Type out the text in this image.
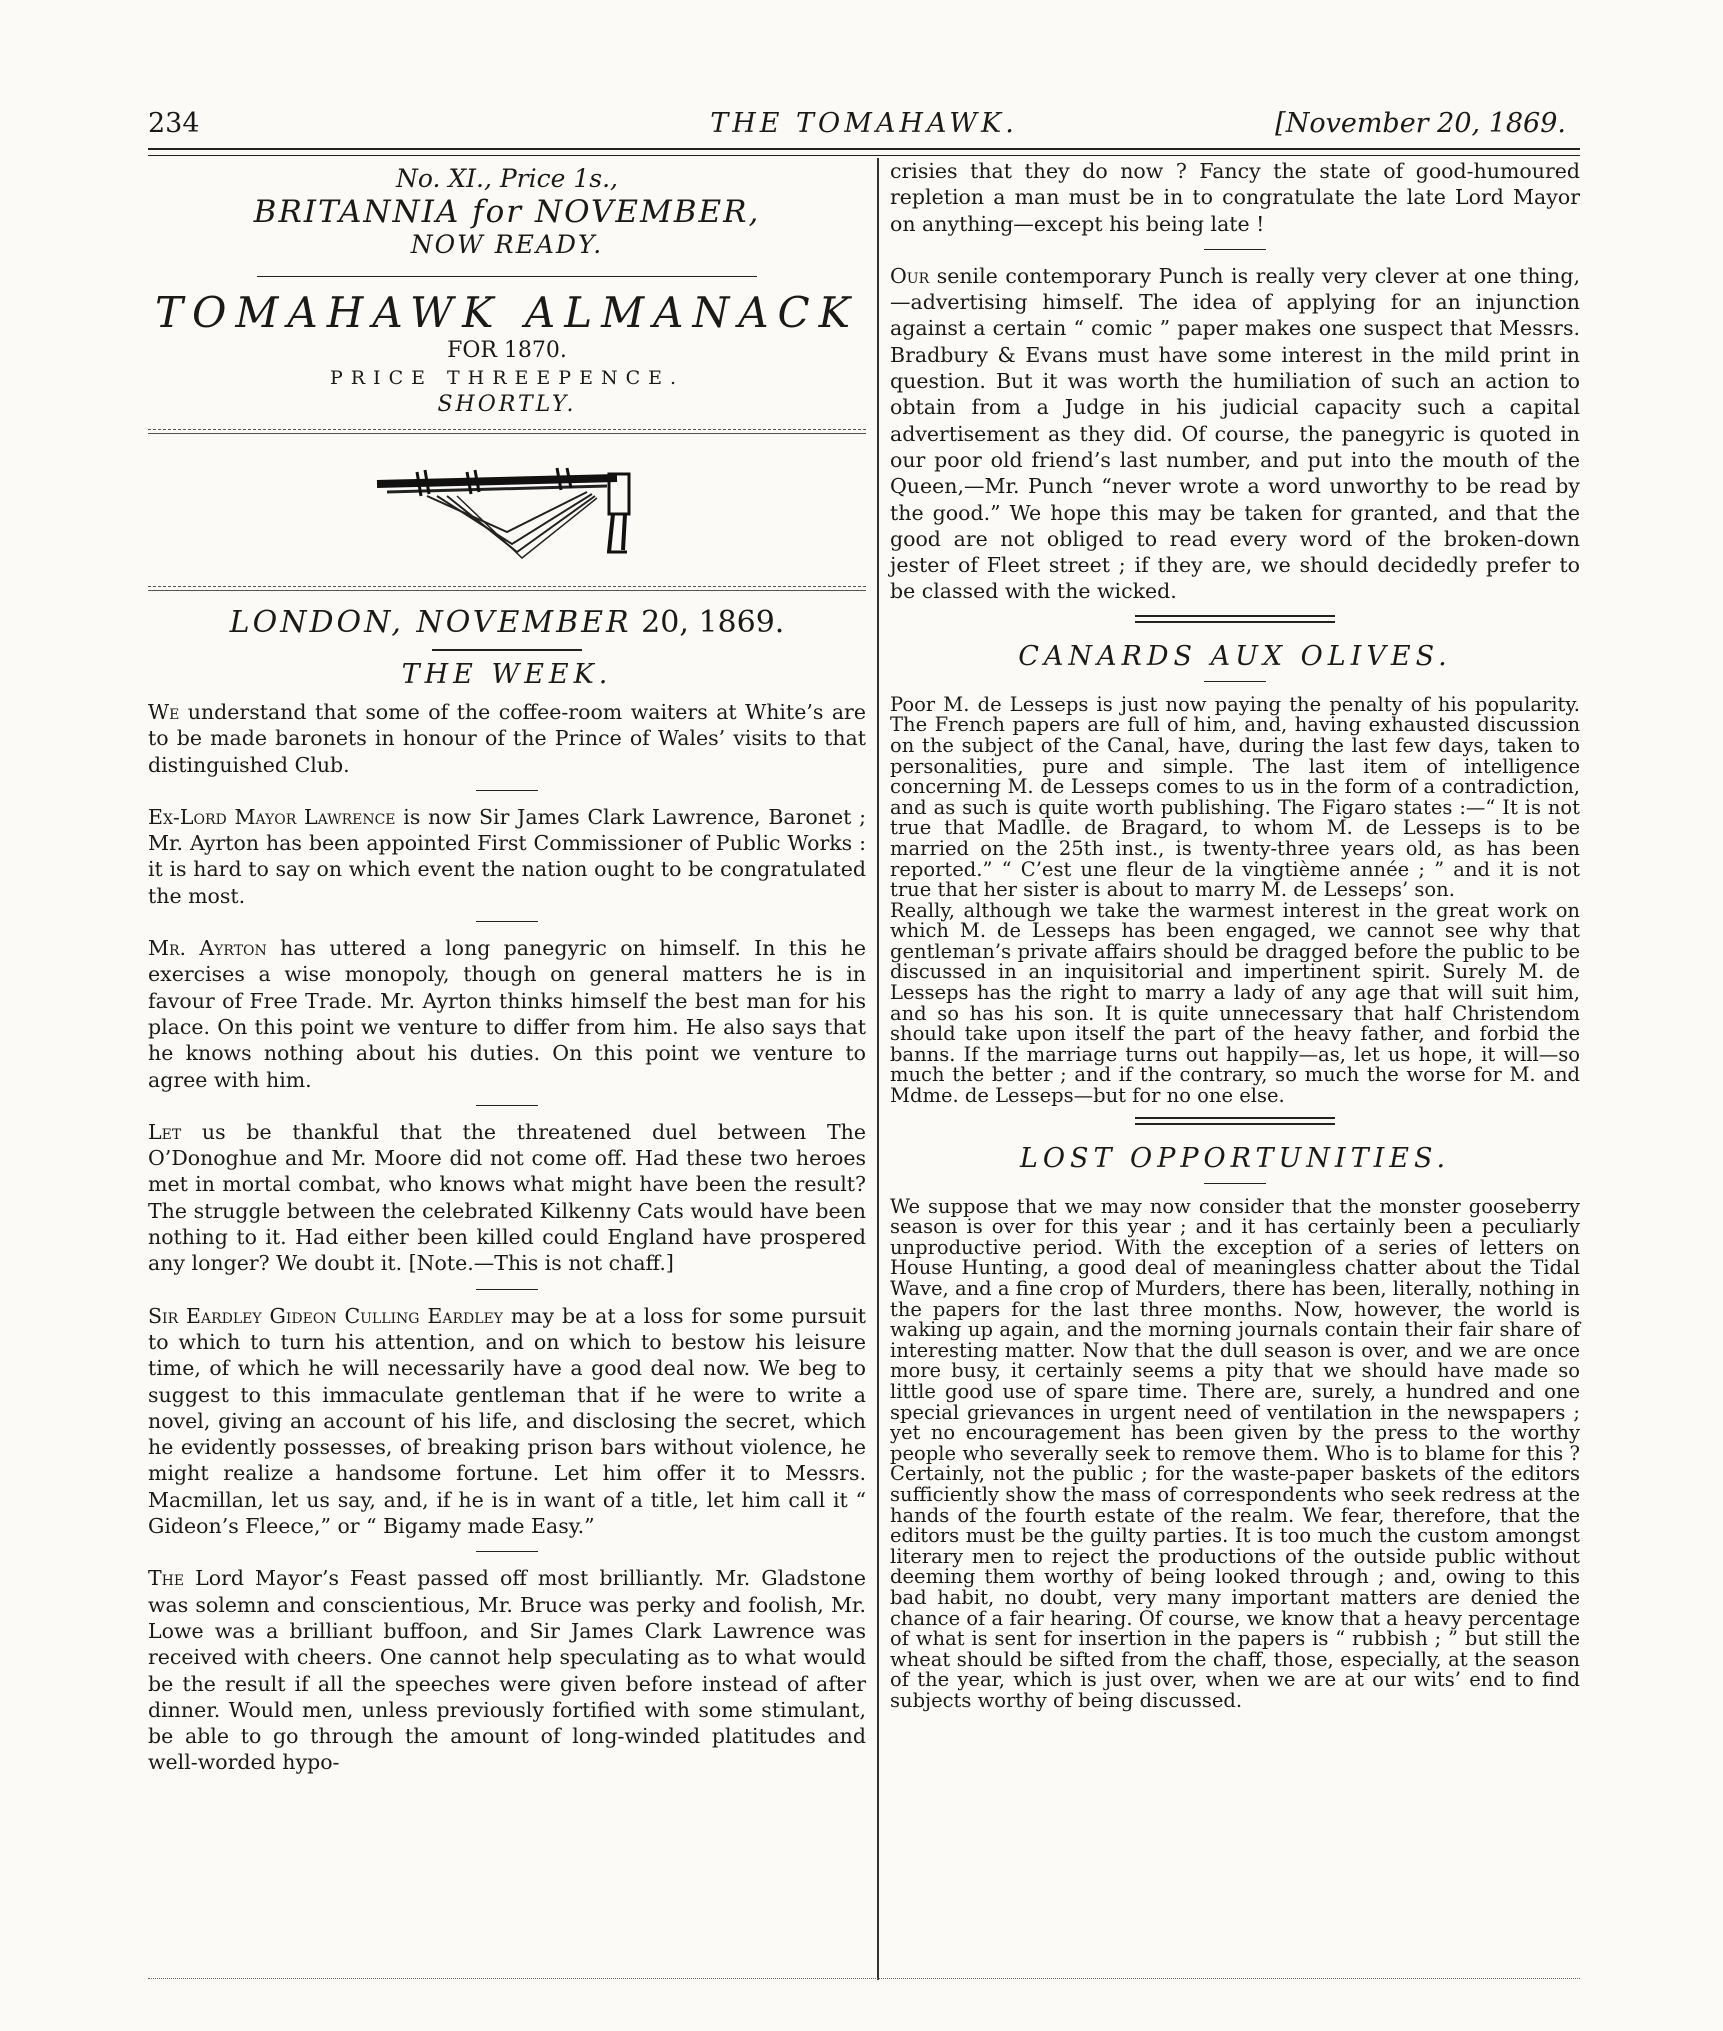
234	THE TOMAHAWK.	[November 20, 1869.
No. XI., Price 1s.,
BRITANNIA for NOVEMBER,
NOW READY.
TOMAHAWK ALMANACK
FOR 1870.
PRICE THREEPENCE.
SHORTLY.
LONDON, NOVEMBER 20, 1869.
THE WEEK.

We understand that some of the coffee-room waiters at White’s are to be made baronets in honour of the Prince of Wales’ visits to that distinguished Club.

Ex-Lord Mayor Lawrence is now Sir James Clark Lawrence, Baronet ; Mr. Ayrton has been appointed First Commissioner of Public Works : it is hard to say on which event the nation ought to be congratulated the most.

Mr. Ayrton has uttered a long panegyric on himself. In this he exercises a wise monopoly, though on general matters he is in favour of Free Trade. Mr. Ayrton thinks himself the best man for his place. On this point we venture to differ from him. He also says that he knows nothing about his duties. On this point we venture to agree with him.

Let us be thankful that the threatened duel between The O’Donoghue and Mr. Moore did not come off. Had these two heroes met in mortal combat, who knows what might have been the result? The struggle between the celebrated Kilkenny Cats would have been nothing to it. Had either been killed could England have prospered any longer? We doubt it. [Note.—This is not chaff.]

Sir Eardley Gideon Culling Eardley may be at a loss for some pursuit to which to turn his attention, and on which to bestow his leisure time, of which he will necessarily have a good deal now. We beg to suggest to this immaculate gentleman that if he were to write a novel, giving an account of his life, and disclosing the secret, which he evidently possesses, of breaking prison bars without violence, he might realize a handsome fortune. Let him offer it to Messrs. Macmillan, let us say, and, if he is in want of a title, let him call it “ Gideon’s Fleece,” or “ Bigamy made Easy.”

The Lord Mayor’s Feast passed off most brilliantly. Mr. Gladstone was solemn and conscientious, Mr. Bruce was perky and foolish, Mr. Lowe was a brilliant buffoon, and Sir James Clark Lawrence was received with cheers. One cannot help speculating as to what would be the result if all the speeches were given before instead of after dinner. Would men, unless previously fortified with some stimulant, be able to go through the amount of long-winded platitudes and well-worded hypo-

crisies that they do now ? Fancy the state of good-humoured repletion a man must be in to congratulate the late Lord Mayor on anything—except his being late !

Our senile contemporary Punch is really very clever at one thing,—advertising himself. The idea of applying for an injunction against a certain “ comic ” paper makes one suspect that Messrs. Bradbury & Evans must have some interest in the mild print in question. But it was worth the humiliation of such an action to obtain from a Judge in his judicial capacity such a capital advertisement as they did. Of course, the panegyric is quoted in our poor old friend’s last number, and put into the mouth of the Queen,—Mr. Punch “never wrote a word unworthy to be read by the good.” We hope this may be taken for granted, and that the good are not obliged to read every word of the broken-down jester of Fleet street ; if they are, we should decidedly prefer to be classed with the wicked.

CANARDS AUX OLIVES.

Poor M. de Lesseps is just now paying the penalty of his popularity. The French papers are full of him, and, having exhausted discussion on the subject of the Canal, have, during the last few days, taken to personalities, pure and simple. The last item of intelligence concerning M. de Lesseps comes to us in the form of a contradiction, and as such is quite worth publishing. The Figaro states :—“ It is not true that Madlle. de Bragard, to whom M. de Lesseps is to be married on the 25th inst., is twenty-three years old, as has been reported.” “ C’est une fleur de la vingtième année ; ” and it is not true that her sister is about to marry M. de Lesseps’ son.

Really, although we take the warmest interest in the great work on which M. de Lesseps has been engaged, we cannot see why that gentleman’s private affairs should be dragged before the public to be discussed in an inquisitorial and impertinent spirit. Surely M. de Lesseps has the right to marry a lady of any age that will suit him, and so has his son. It is quite unnecessary that half Christendom should take upon itself the part of the heavy father, and forbid the banns. If the marriage turns out happily—as, let us hope, it will—so much the better ; and if the contrary, so much the worse for M. and Mdme. de Lesseps—but for no one else.

LOST OPPORTUNITIES.

We suppose that we may now consider that the monster gooseberry season is over for this year ; and it has certainly been a peculiarly unproductive period. With the exception of a series of letters on House Hunting, a good deal of meaningless chatter about the Tidal Wave, and a fine crop of Murders, there has been, literally, nothing in the papers for the last three months. Now, however, the world is waking up again, and the morning journals contain their fair share of interesting matter. Now that the dull season is over, and we are once more busy, it certainly seems a pity that we should have made so little good use of spare time. There are, surely, a hundred and one special grievances in urgent need of ventilation in the newspapers ; yet no encouragement has been given by the press to the worthy people who severally seek to remove them. Who is to blame for this ? Certainly, not the public ; for the waste-paper baskets of the editors sufficiently show the mass of correspondents who seek redress at the hands of the fourth estate of the realm. We fear, therefore, that the editors must be the guilty parties. It is too much the custom amongst literary men to reject the productions of the outside public without deeming them worthy of being looked through ; and, owing to this bad habit, no doubt, very many important matters are denied the chance of a fair hearing. Of course, we know that a heavy percentage of what is sent for insertion in the papers is “ rubbish ; ” but still the wheat should be sifted from the chaff, those, especially, at the season of the year, which is just over, when we are at our wits’ end to find subjects worthy of being discussed.
